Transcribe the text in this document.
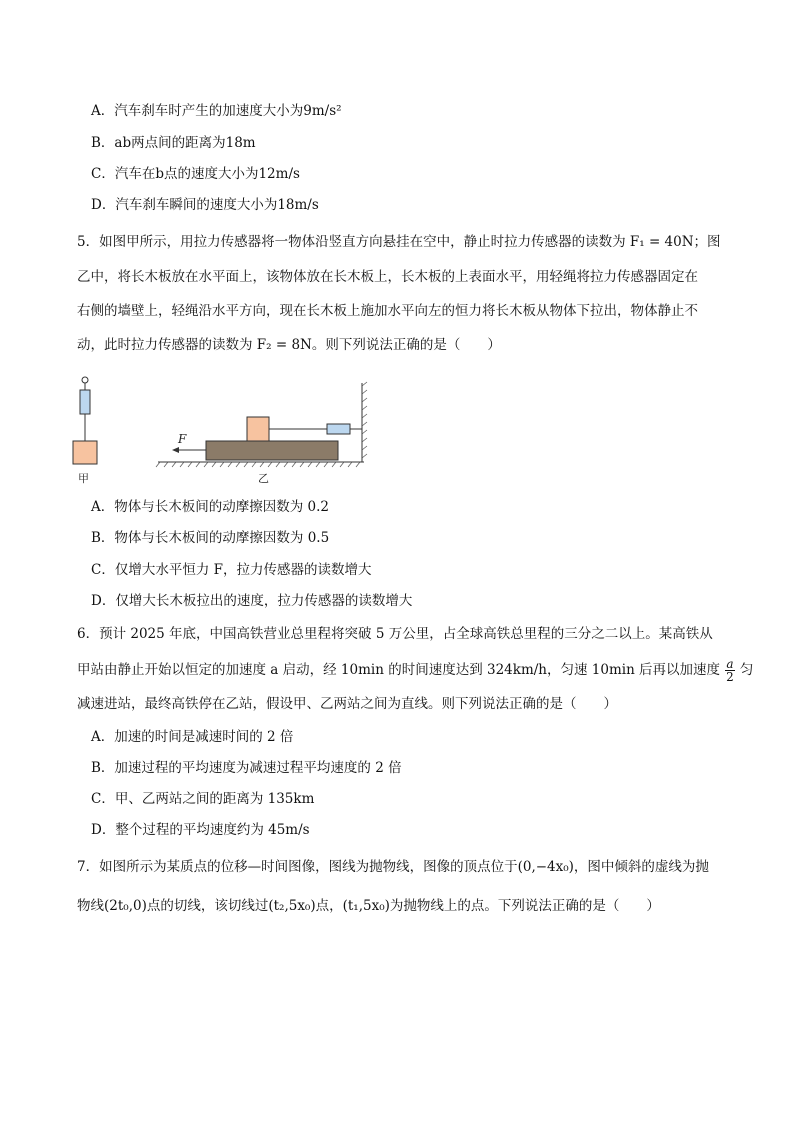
A．汽车刹车时产生的加速度大小为9m/s²
B．ab两点间的距离为18m
C．汽车在b点的速度大小为12m/s
D．汽车刹车瞬间的速度大小为18m/s
5．如图甲所示，用拉力传感器将一物体沿竖直方向悬挂在空中，静止时拉力传感器的读数为 F₁ = 40N；图
乙中，将长木板放在水平面上，该物体放在长木板上，长木板的上表面水平，用轻绳将拉力传感器固定在
右侧的墙壁上，轻绳沿水平方向，现在长木板上施加水平向左的恒力将长木板从物体下拉出，物体静止不
动，此时拉力传感器的读数为 F₂ = 8N。则下列说法正确的是（　　）
甲
F
乙
A．物体与长木板间的动摩擦因数为 0.2
B．物体与长木板间的动摩擦因数为 0.5
C．仅增大水平恒力 F，拉力传感器的读数增大
D．仅增大长木板拉出的速度，拉力传感器的读数增大
6．预计 2025 年底，中国高铁营业总里程将突破 5 万公里，占全球高铁总里程的三分之二以上。某高铁从
甲站由静止开始以恒定的加速度 a 启动，经 10min 的时间速度达到 324km/h，匀速 10min 后再以加速度 $\frac{a}{2}$ 匀
减速进站，最终高铁停在乙站，假设甲、乙两站之间为直线。则下列说法正确的是（　　）
A．加速的时间是减速时间的 2 倍
B．加速过程的平均速度为减速过程平均速度的 2 倍
C．甲、乙两站之间的距离为 135km
D．整个过程的平均速度约为 45m/s
7．如图所示为某质点的位移—时间图像，图线为抛物线，图像的顶点位于(0,−4x₀)，图中倾斜的虚线为抛
物线(2t₀,0)点的切线，该切线过(t₂,5x₀)点，(t₁,5x₀)为抛物线上的点。下列说法正确的是（　　）
